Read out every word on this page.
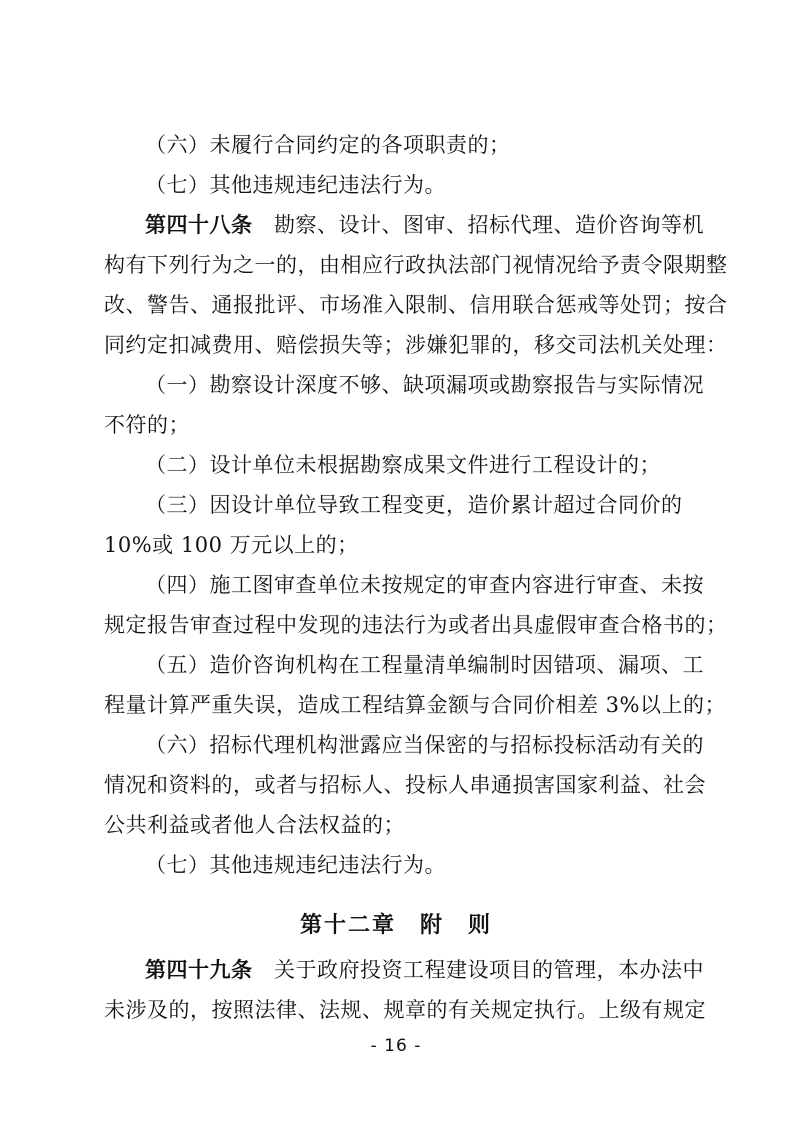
（六）未履行合同约定的各项职责的；
（七）其他违规违纪违法行为。
第四十八条　 勘察、设计、图审、招标代理、造价咨询等机
构有下列行为之一的，由相应行政执法部门视情况给予责令限期整
改、警告、通报批评、市场准入限制、信用联合惩戒等处罚；按合
同约定扣减费用、赔偿损失等；涉嫌犯罪的，移交司法机关处理：
（一）勘察设计深度不够、缺项漏项或勘察报告与实际情况
不符的；
（二）设计单位未根据勘察成果文件进行工程设计的；
（三）因设计单位导致工程变更，造价累计超过合同价的
10%或 100 万元以上的；
（四）施工图审查单位未按规定的审查内容进行审查、未按
规定报告审查过程中发现的违法行为或者出具虚假审查合格书的；
（五）造价咨询机构在工程量清单编制时因错项、漏项、工
程量计算严重失误，造成工程结算金额与合同价相差 3%以上的；
（六）招标代理机构泄露应当保密的与招标投标活动有关的
情况和资料的，或者与招标人、投标人串通损害国家利益、社会
公共利益或者他人合法权益的；
（七）其他违规违纪违法行为。
第十二章　附　则
第四十九条　 关于政府投资工程建设项目的管理，本办法中
未涉及的，按照法律、法规、规章的有关规定执行。上级有规定
- 16 -
